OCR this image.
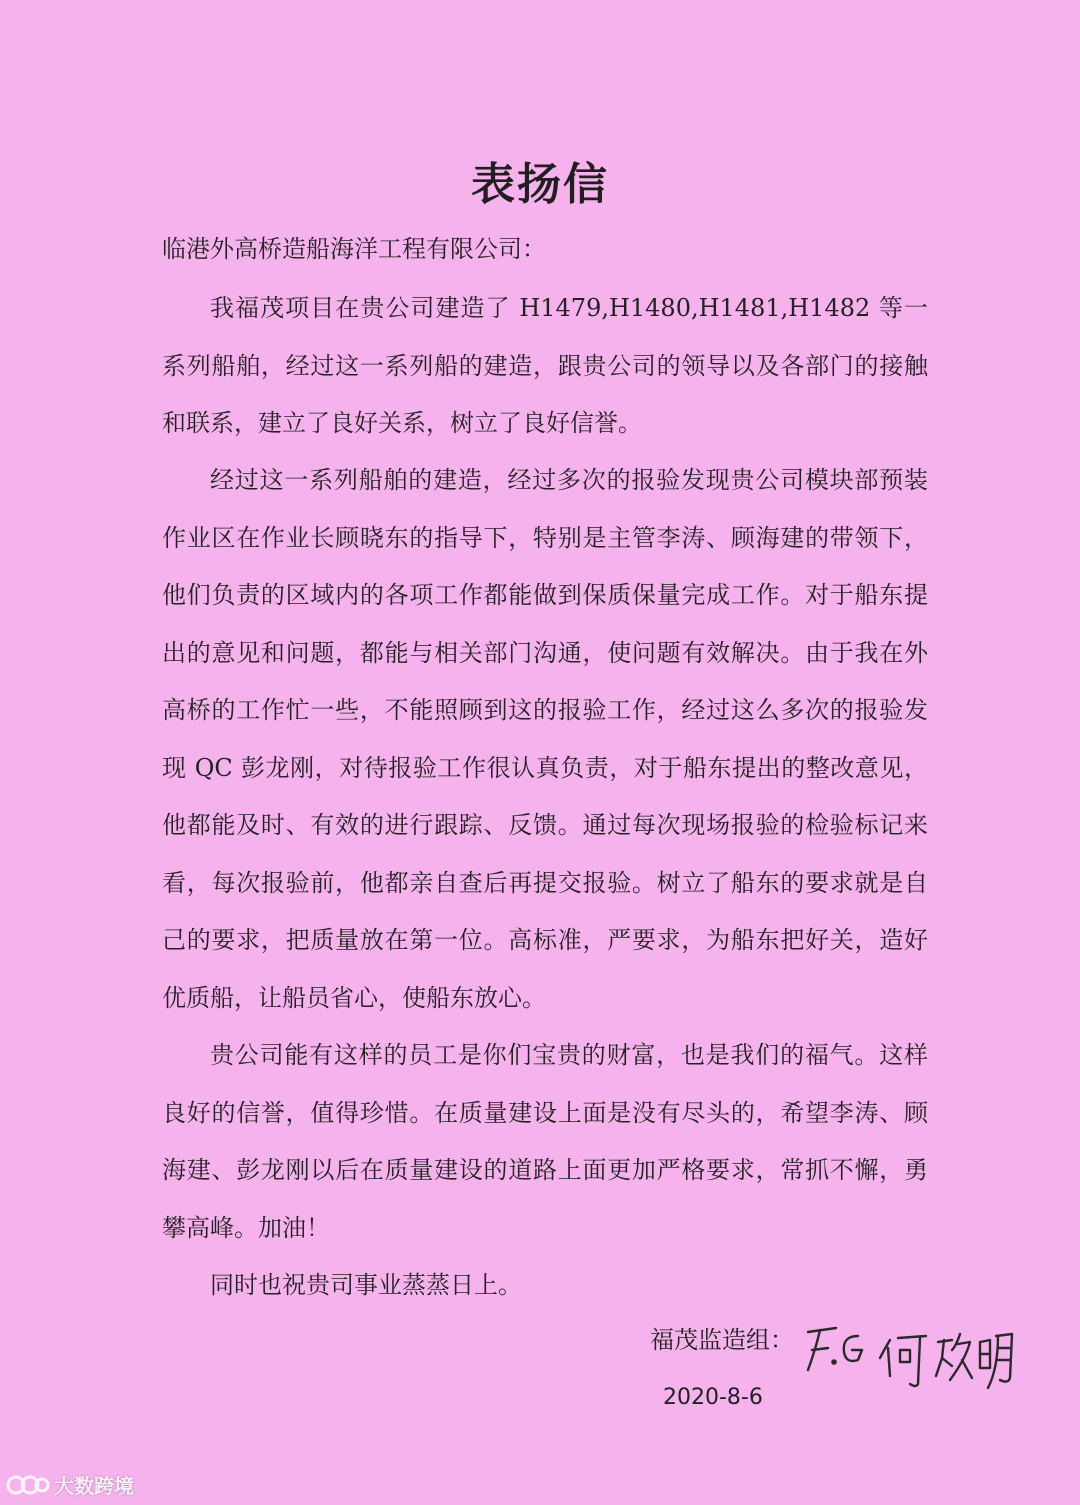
表扬信
临港外高桥造船海洋工程有限公司：

我福茂项目在贵公司建造了 H1479,H1480,H1481,H1482 等一系列船舶，经过这一系列船的建造，跟贵公司的领导以及各部门的接触和联系，建立了良好关系，树立了良好信誉。

经过这一系列船舶的建造，经过多次的报验发现贵公司模块部预装作业区在作业长顾晓东的指导下，特别是主管李涛、顾海建的带领下，他们负责的区域内的各项工作都能做到保质保量完成工作。对于船东提出的意见和问题，都能与相关部门沟通，使问题有效解决。由于我在外高桥的工作忙一些，不能照顾到这的报验工作，经过这么多次的报验发现 QC 彭龙刚，对待报验工作很认真负责，对于船东提出的整改意见，他都能及时、有效的进行跟踪、反馈。通过每次现场报验的检验标记来看，每次报验前，他都亲自查后再提交报验。树立了船东的要求就是自己的要求，把质量放在第一位。高标准，严要求，为船东把好关，造好优质船，让船员省心，使船东放心。

贵公司能有这样的员工是你们宝贵的财富，也是我们的福气。这样良好的信誉，值得珍惜。在质量建设上面是没有尽头的，希望李涛、顾海建、彭龙刚以后在质量建设的道路上面更加严格要求，常抓不懈，勇攀高峰。加油！

同时也祝贵司事业蒸蒸日上。

福茂监造组：
2020-8-6
大数跨境
